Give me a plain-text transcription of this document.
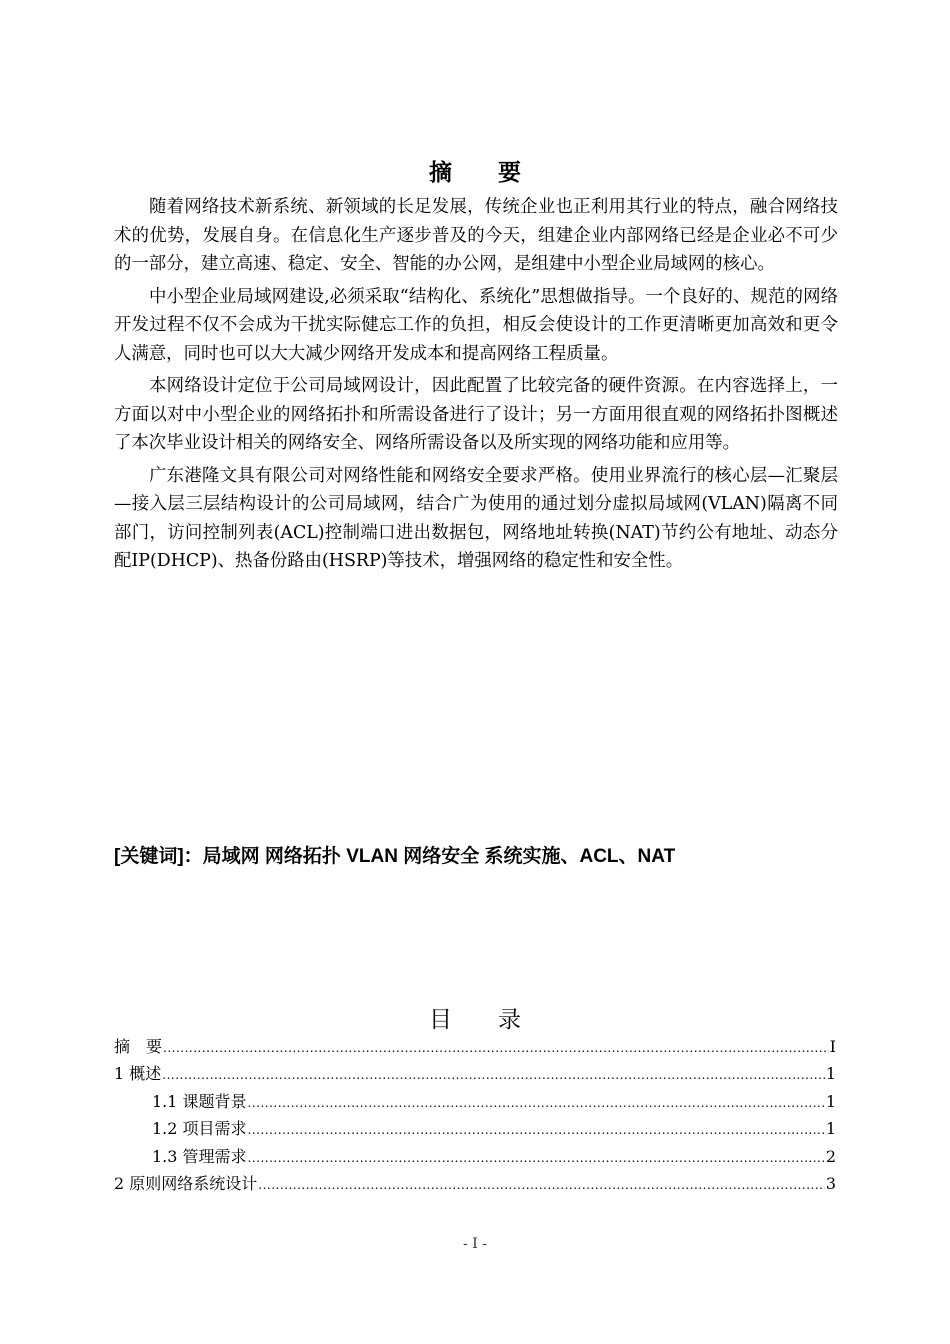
摘　　要

随着网络技术新系统、新领域的长足发展，传统企业也正利用其行业的特点，融合网络技术的优势，发展自身。在信息化生产逐步普及的今天，组建企业内部网络已经是企业必不可少的一部分，建立高速、稳定、安全、智能的办公网，是组建中小型企业局域网的核心。

中小型企业局域网建设,必须采取“结构化、系统化”思想做指导。一个良好的、规范的网络开发过程不仅不会成为干扰实际健忘工作的负担，相反会使设计的工作更清晰更加高效和更令人满意，同时也可以大大减少网络开发成本和提高网络工程质量。

本网络设计定位于公司局域网设计，因此配置了比较完备的硬件资源。在内容选择上，一方面以对中小型企业的网络拓扑和所需设备进行了设计；另一方面用很直观的网络拓扑图概述了本次毕业设计相关的网络安全、网络所需设备以及所实现的网络功能和应用等。

广东港隆文具有限公司对网络性能和网络安全要求严格。使用业界流行的核心层—汇聚层—接入层三层结构设计的公司局域网，结合广为使用的通过划分虚拟局域网(VLAN)隔离不同部门，访问控制列表(ACL)控制端口进出数据包，网络地址转换(NAT)节约公有地址、动态分配IP(DHCP)、热备份路由(HSRP)等技术，增强网络的稳定性和安全性。

[关键词]：局域网 网络拓扑 VLAN 网络安全 系统实施、ACL、NAT
目　　录
摘　要 .....	I
1 概述 .....	1
1.1 课题背景 .....	1
1.2 项目需求 .....	1
1.3 管理需求 .....	2
2 原则网络系统设计 .....	3
- I -
